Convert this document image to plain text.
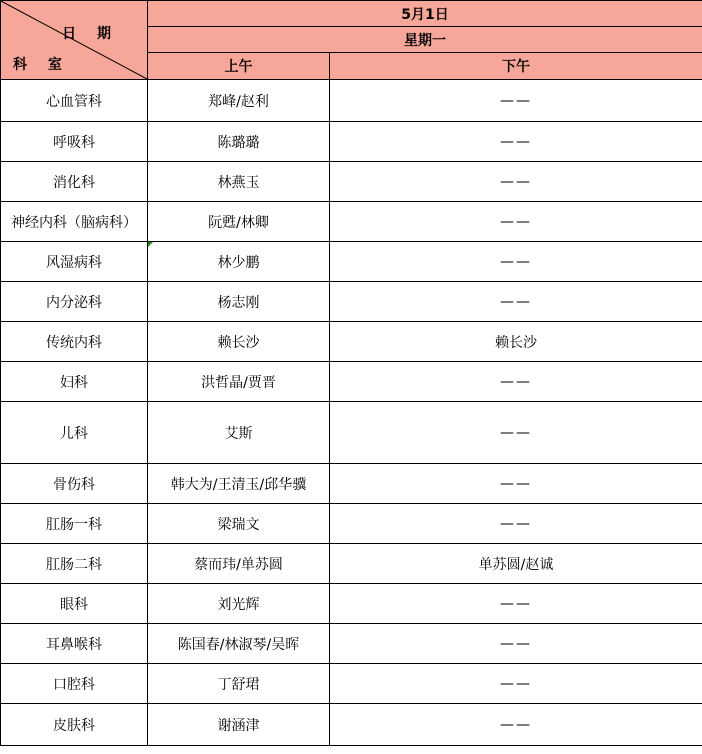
日 期
科 室	5月1日	
	星期一	
	上午	下午
心血管科	郑峰/赵利	——
呼吸科	陈璐璐	——
消化科	林燕玉	——
神经内科（脑病科）	阮甦/林卿	——
风湿病科	林少鹏	——
内分泌科	杨志刚	——
传统内科	赖长沙	赖长沙
妇科	洪哲晶/贾晋	——
儿科	艾斯	——
骨伤科	韩大为/王清玉/邱华骥	——
肛肠一科	梁瑞文	——
肛肠二科	蔡而玮/单苏圆	单苏圆/赵诚
眼科	刘光辉	——
耳鼻喉科	陈国春/林淑琴/吴晖	——
口腔科	丁舒珺	——
皮肤科	谢涵津	——
